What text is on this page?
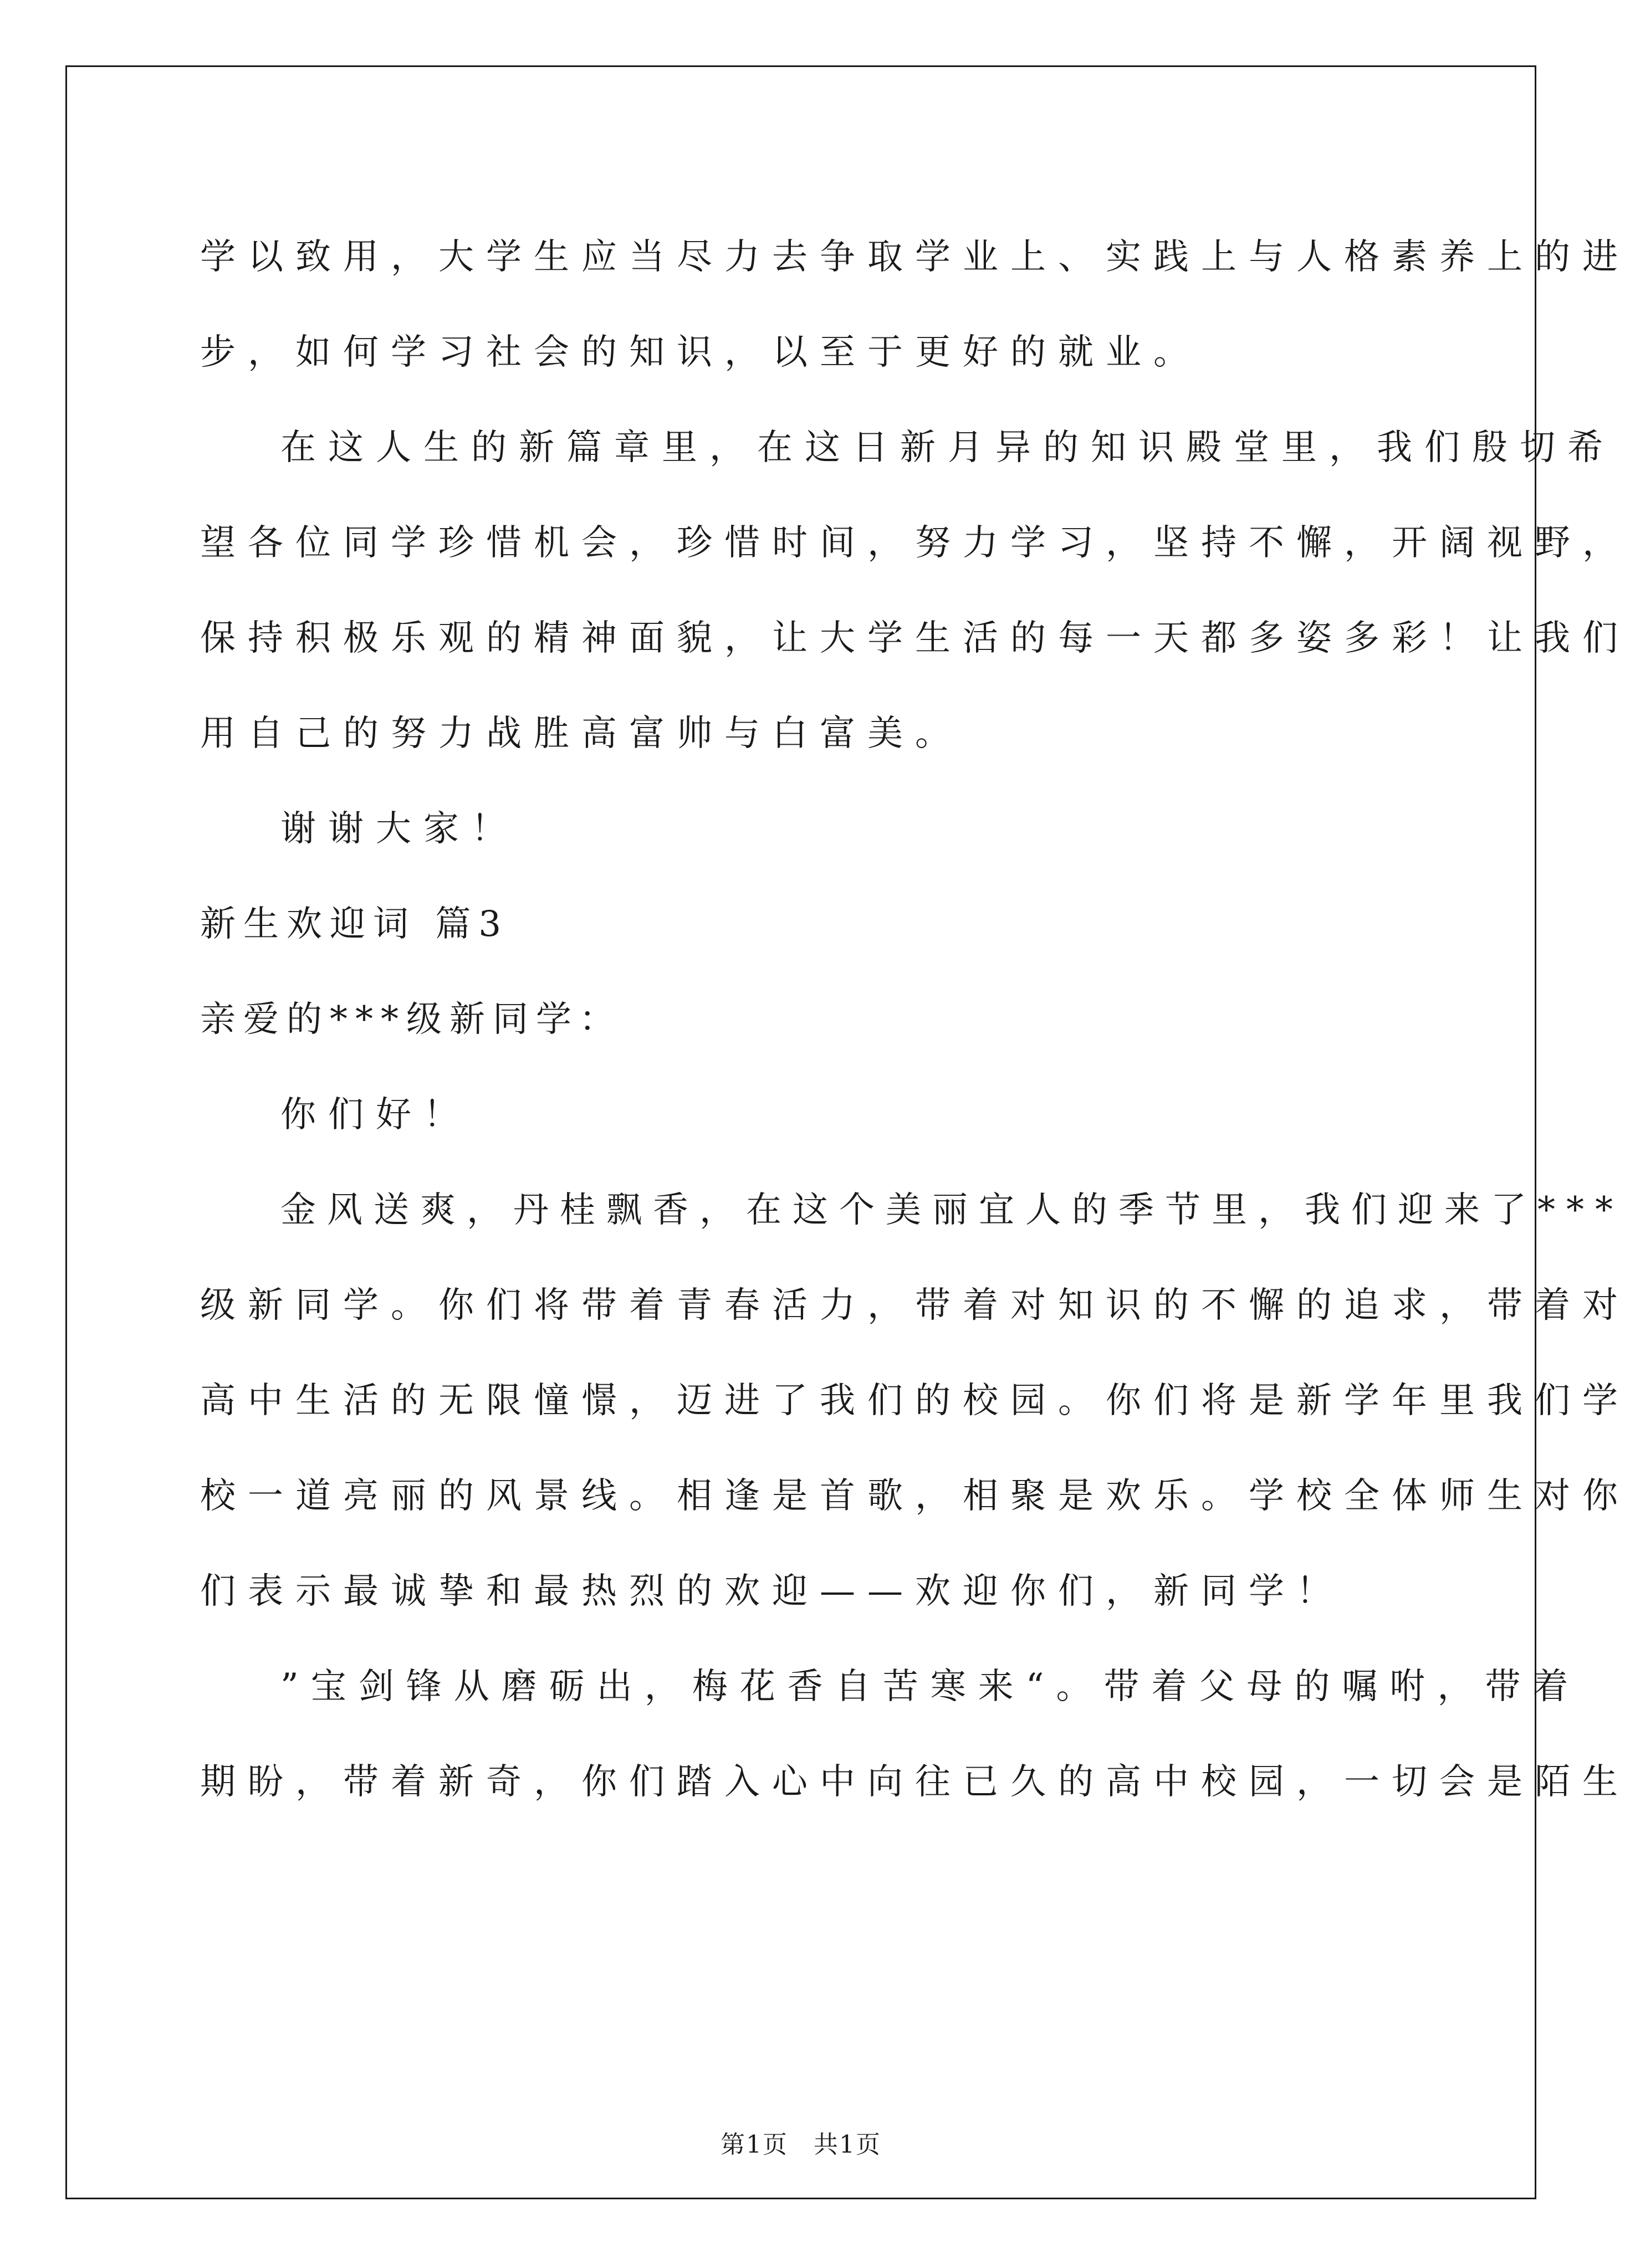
学以致用，大学生应当尽力去争取学业上、实践上与人格素养上的进
步，如何学习社会的知识，以至于更好的就业。
在这人生的新篇章里，在这日新月异的知识殿堂里，我们殷切希
望各位同学珍惜机会，珍惜时间，努力学习，坚持不懈，开阔视野，
保持积极乐观的精神面貌，让大学生活的每一天都多姿多彩！让我们
用自己的努力战胜高富帅与白富美。
谢谢大家！
新生欢迎词 篇3
亲爱的***级新同学：
你们好！
金风送爽，丹桂飘香，在这个美丽宜人的季节里，我们迎来了***
级新同学。你们将带着青春活力，带着对知识的不懈的追求，带着对
高中生活的无限憧憬，迈进了我们的校园。你们将是新学年里我们学
校一道亮丽的风景线。相逢是首歌，相聚是欢乐。学校全体师生对你
们表示最诚挚和最热烈的欢迎——欢迎你们，新同学！
”宝剑锋从磨砺出，梅花香自苦寒来“。带着父母的嘱咐，带着
期盼，带着新奇，你们踏入心中向往已久的高中校园，一切会是陌生
第1页　共1页
